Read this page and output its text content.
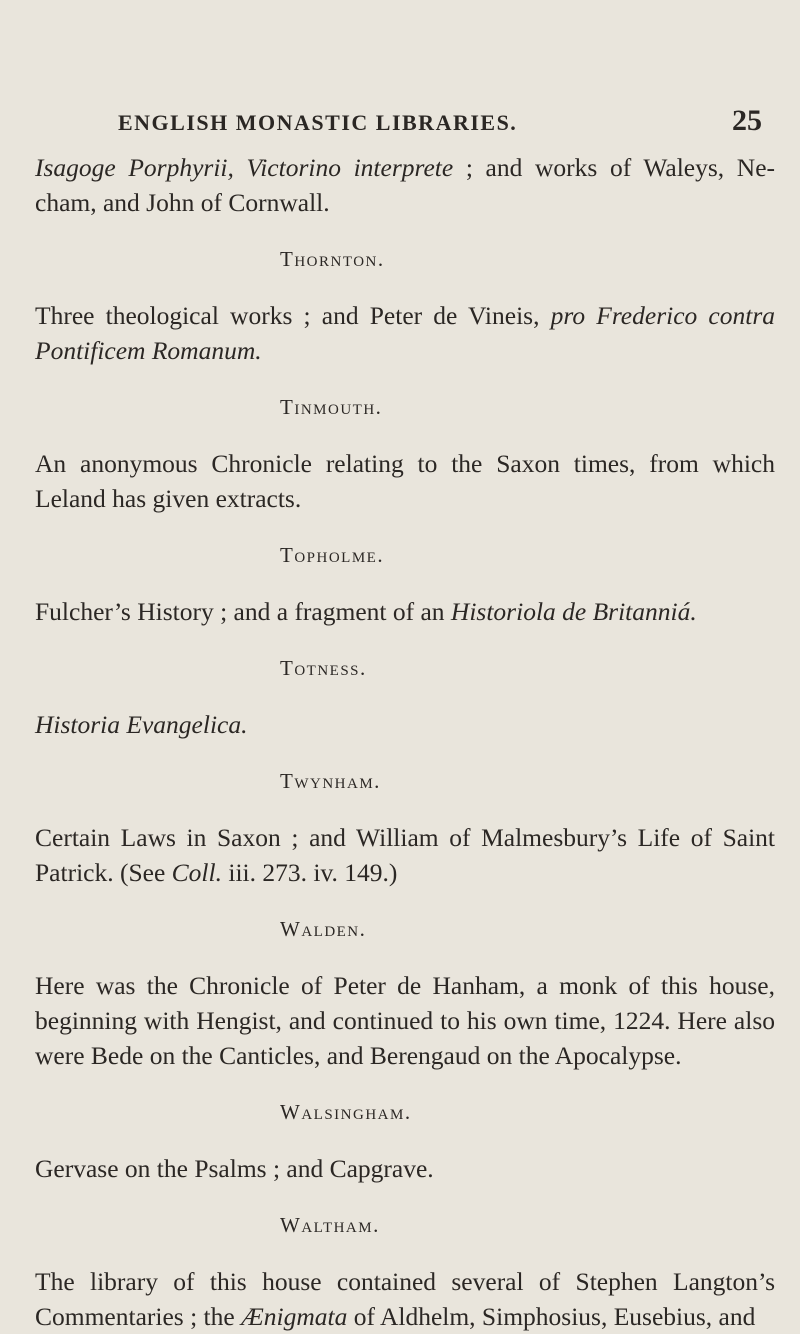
ENGLISH MONASTIC LIBRARIES.	25

Isagoge Porphyrii, Victorino interprete ; and works of Waleys, Ne-cham, and John of Cornwall.

Thornton.

Three theological works ; and Peter de Vineis, pro Frederico contra Pontificem Romanum.

Tinmouth.

An anonymous Chronicle relating to the Saxon times, from which Leland has given extracts.

Topholme.

Fulcher’s History ; and a fragment of an Historiola de Britanniá.

Totness.

Historia Evangelica.

Twynham.

Certain Laws in Saxon ; and William of Malmesbury’s Life of Saint Patrick. (See Coll. iii. 273. iv. 149.)

Walden.

Here was the Chronicle of Peter de Hanham, a monk of this house, beginning with Hengist, and continued to his own time, 1224. Here also were Bede on the Canticles, and Berengaud on the Apocalypse.

Walsingham.

Gervase on the Psalms ; and Capgrave.

Waltham.

The library of this house contained several of Stephen Langton’s Commentaries ; the Ænigmata of Aldhelm, Simphosius, Eusebius, and
